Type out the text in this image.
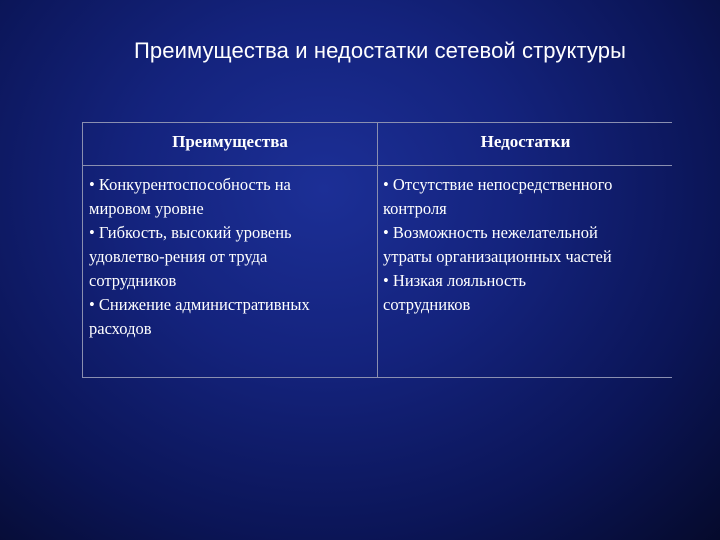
Преимущества и недостатки сетевой структуры
Преимущества	Недостатки
• Конкурентоспособность на
мировом уровне
• Гибкость, высокий уровень
удовлетво-рения от труда
сотрудников
• Снижение административных
расходов
• Отсутствие непосредственного
контроля
• Возможность нежелательной
утраты организационных частей
• Низкая лояльность
сотрудников
